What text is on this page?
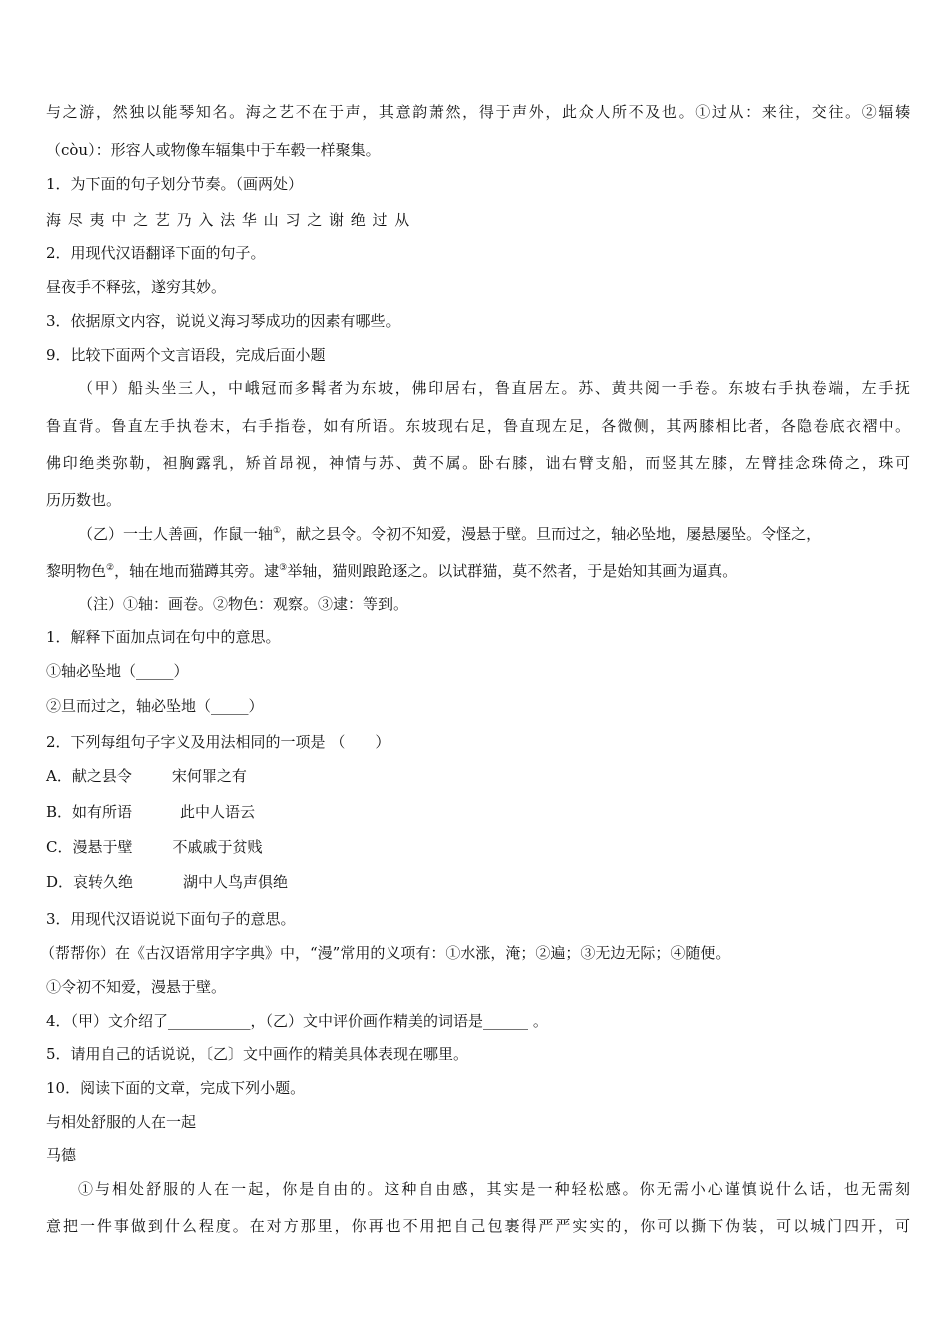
与之游，然独以能琴知名。海之艺不在于声，其意韵萧然，得于声外，此众人所不及也。①过从：来往，交往。②辐辏
（còu）：形容人或物像车辐集中于车毂一样聚集。
1．为下面的句子划分节奏。（画两处）
海 尽 夷 中 之 艺 乃 入 法 华 山 习 之 谢 绝 过 从
2．用现代汉语翻译下面的句子。
昼夜手不释弦，遂穷其妙。
3．依据原文内容，说说义海习琴成功的因素有哪些。
9．比较下面两个文言语段，完成后面小题
（甲）船头坐三人，中峨冠而多髯者为东坡，佛印居右，鲁直居左。苏、黄共阅一手卷。东坡右手执卷端，左手抚
鲁直背。鲁直左手执卷末，右手指卷，如有所语。东坡现右足，鲁直现左足，各微侧，其两膝相比者，各隐卷底衣褶中。
佛印绝类弥勒，袒胸露乳，矫首昂视，神情与苏、黄不属。卧右膝，诎右臂支船，而竖其左膝，左臂挂念珠倚之，珠可
历历数也。
（乙）一士人善画，作鼠一轴①，献之县令。令初不知爱，漫悬于壁。旦而过之，轴必坠地，屡悬屡坠。令怪之，
黎明物色②，轴在地而猫蹲其旁。逮③举轴，猫则踉跄逐之。以试群猫，莫不然者，于是始知其画为逼真。
（注）①轴：画卷。②物色：观察。③逮：等到。
1．解释下面加点词在句中的意思。
①轴必坠地（_____）
②旦而过之，轴必坠地（_____）
2．下列每组句子字义及用法相同的一项是 （　　）
A．献之县令	宋何罪之有
B．如有所语	此中人语云
C．漫悬于壁	不戚戚于贫贱
D．哀转久绝	湖中人鸟声俱绝
3．用现代汉语说说下面句子的意思。
（帮帮你）在《古汉语常用字字典》中，“漫”常用的义项有：①水涨，淹；②遍；③无边无际；④随便。
①令初不知爱，漫悬于壁。
4．（甲）文介绍了___________，（乙）文中评价画作精美的词语是______ 。
5．请用自己的话说说，〔乙〕文中画作的精美具体表现在哪里。
10．阅读下面的文章，完成下列小题。
与相处舒服的人在一起
马德
①与相处舒服的人在一起，你是自由的。这种自由感，其实是一种轻松感。你无需小心谨慎说什么话，也无需刻
意把一件事做到什么程度。在对方那里，你再也不用把自己包裹得严严实实的，你可以撕下伪装，可以城门四开，可
